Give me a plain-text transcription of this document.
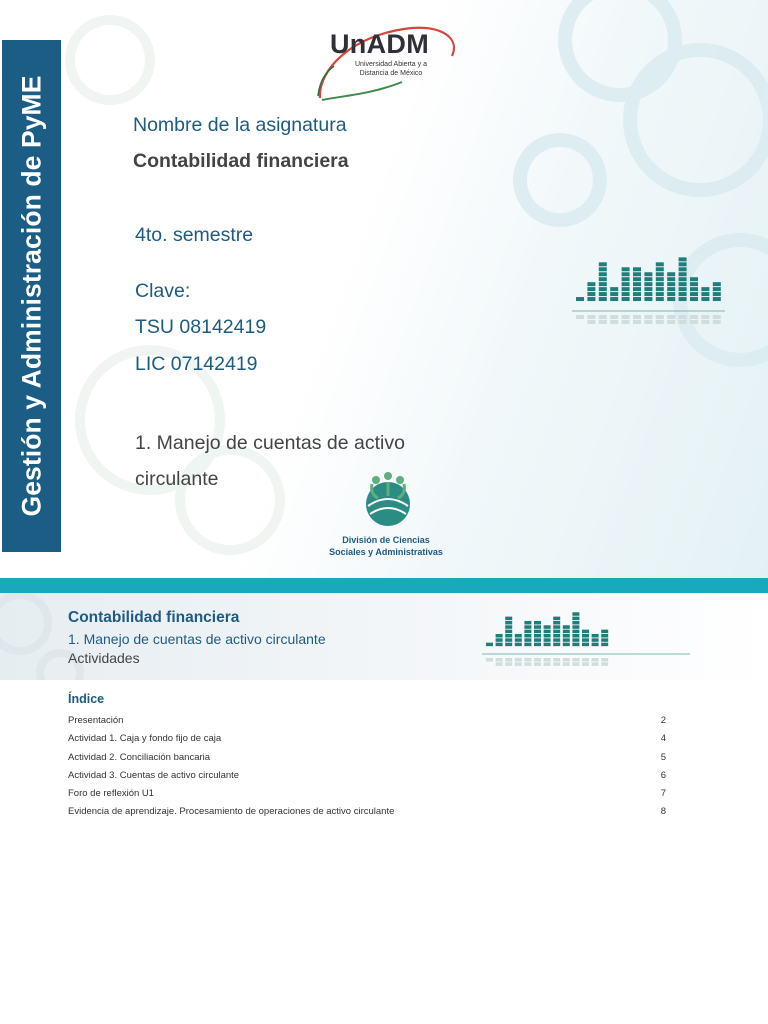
Gestión y Administración de PyME
UnADM
Universidad Abierta y a
Distancia de México
Nombre de la asignatura
Contabilidad financiera
4to. semestre
Clave:
TSU 08142419
LIC 07142419
1. Manejo de cuentas de activo circulante
División de Ciencias
Sociales y Administrativas
Contabilidad financiera
1. Manejo de cuentas de activo circulante
Actividades
Índice
Presentación	2
Actividad 1. Caja y fondo fijo de caja	4
Actividad 2. Conciliación bancaria	5
Actividad 3. Cuentas de activo circulante	6
Foro de reflexión U1	7
Evidencia de aprendizaje. Procesamiento de operaciones de activo circulante	8
